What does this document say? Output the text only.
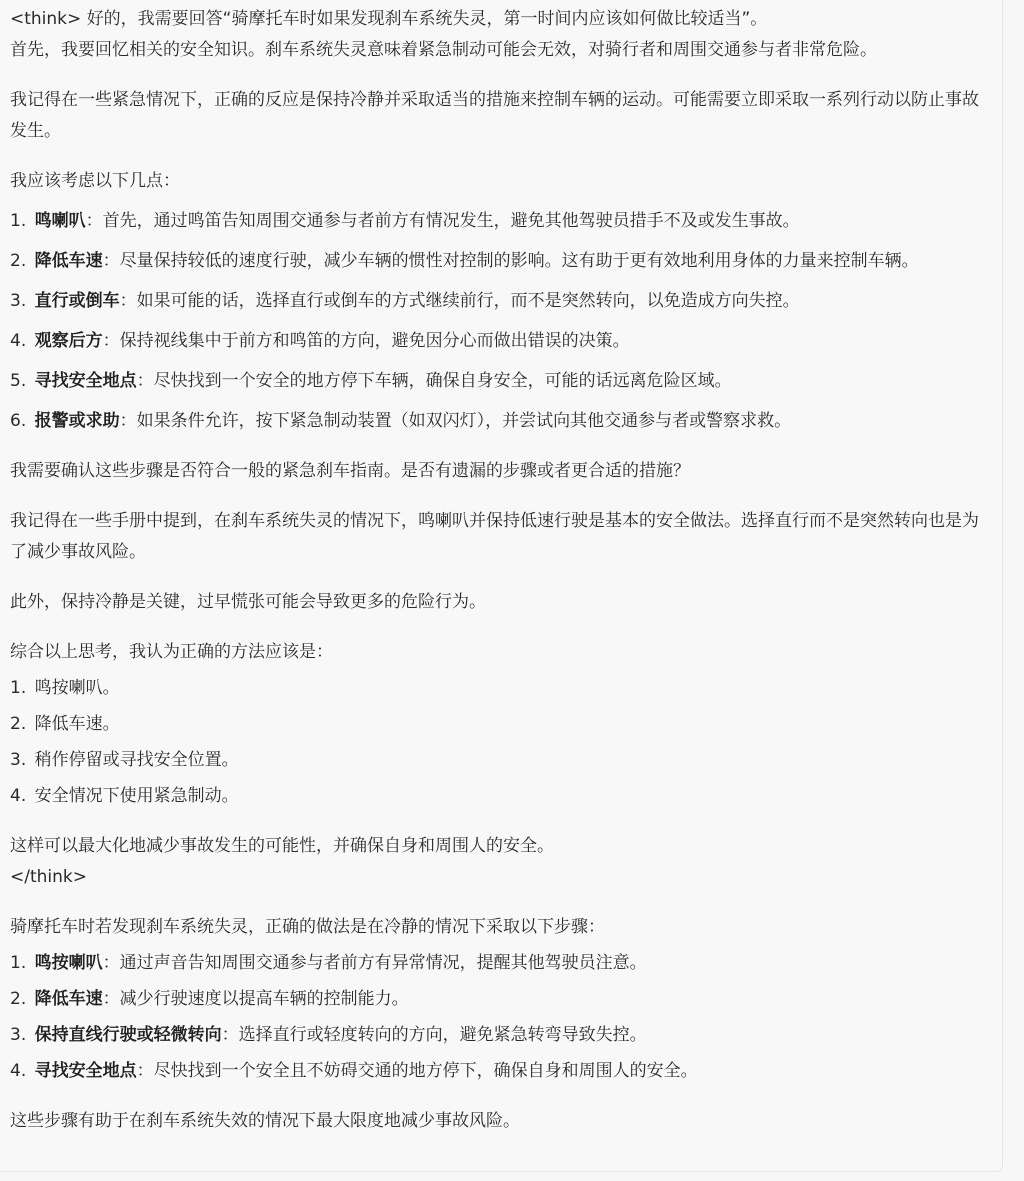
<think> 好的，我需要回答“骑摩托车时如果发现刹车系统失灵，第一时间内应该如何做比较适当”。

首先，我要回忆相关的安全知识。刹车系统失灵意味着紧急制动可能会无效，对骑行者和周围交通参与者非常危险。

我记得在一些紧急情况下，正确的反应是保持冷静并采取适当的措施来控制车辆的运动。可能需要立即采取一系列行动以防止事故发生。

我应该考虑以下几点：

1. 鸣喇叭：首先，通过鸣笛告知周围交通参与者前方有情况发生，避免其他驾驶员措手不及或发生事故。

2. 降低车速：尽量保持较低的速度行驶，减少车辆的惯性对控制的影响。这有助于更有效地利用身体的力量来控制车辆。

3. 直行或倒车：如果可能的话，选择直行或倒车的方式继续前行，而不是突然转向，以免造成方向失控。

4. 观察后方：保持视线集中于前方和鸣笛的方向，避免因分心而做出错误的决策。

5. 寻找安全地点：尽快找到一个安全的地方停下车辆，确保自身安全，可能的话远离危险区域。

6. 报警或求助：如果条件允许，按下紧急制动装置（如双闪灯），并尝试向其他交通参与者或警察求救。

我需要确认这些步骤是否符合一般的紧急刹车指南。是否有遗漏的步骤或者更合适的措施？

我记得在一些手册中提到，在刹车系统失灵的情况下，鸣喇叭并保持低速行驶是基本的安全做法。选择直行而不是突然转向也是为了减少事故风险。

此外，保持冷静是关键，过早慌张可能会导致更多的危险行为。

综合以上思考，我认为正确的方法应该是：

1. 鸣按喇叭。

2. 降低车速。

3. 稍作停留或寻找安全位置。

4. 安全情况下使用紧急制动。

这样可以最大化地减少事故发生的可能性，并确保自身和周围人的安全。

</think>

骑摩托车时若发现刹车系统失灵，正确的做法是在冷静的情况下采取以下步骤：

1. 鸣按喇叭：通过声音告知周围交通参与者前方有异常情况，提醒其他驾驶员注意。

2. 降低车速：减少行驶速度以提高车辆的控制能力。

3. 保持直线行驶或轻微转向：选择直行或轻度转向的方向，避免紧急转弯导致失控。

4. 寻找安全地点：尽快找到一个安全且不妨碍交通的地方停下，确保自身和周围人的安全。

这些步骤有助于在刹车系统失效的情况下最大限度地减少事故风险。
